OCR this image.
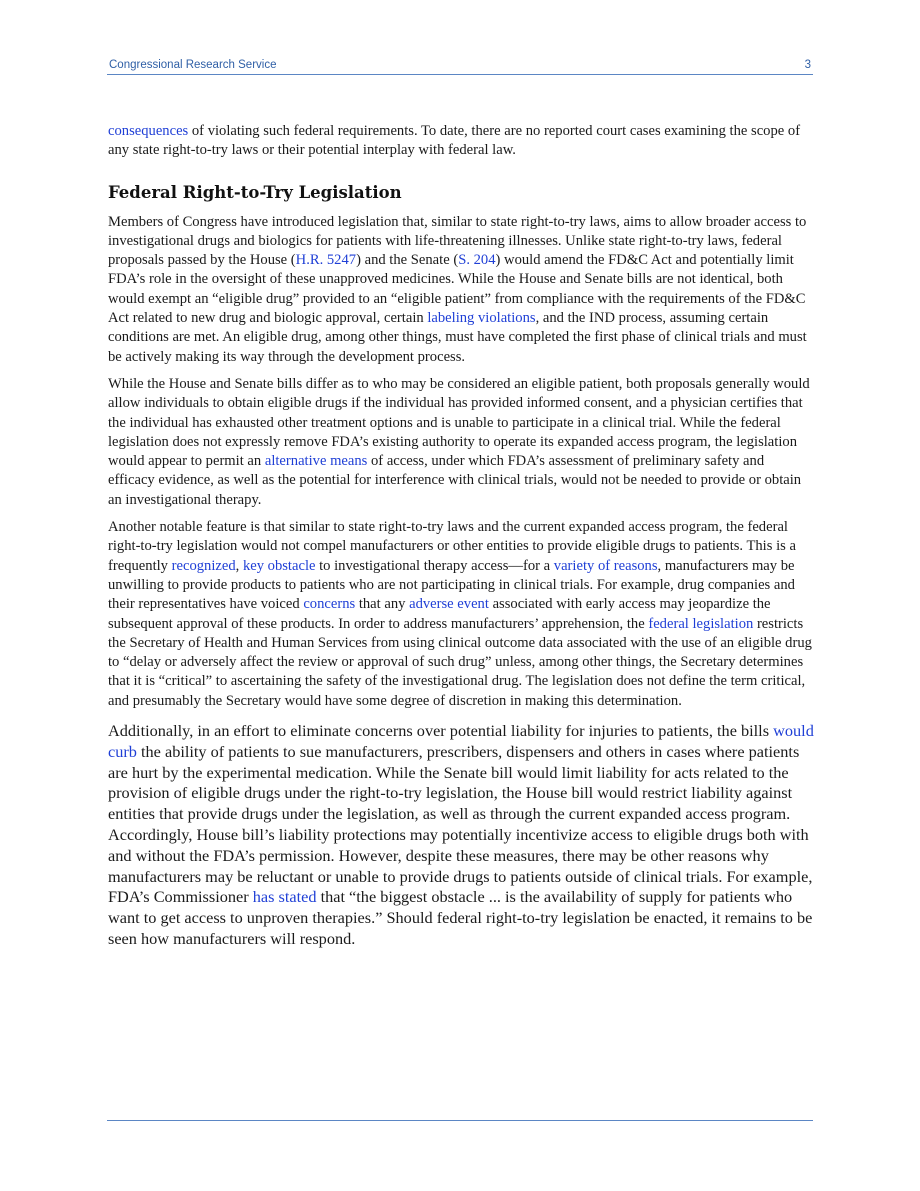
Congressional Research Service	3

consequences of violating such federal requirements. To date, there are no reported court cases examining the scope of any state right-to-try laws or their potential interplay with federal law.

Federal Right-to-Try Legislation

Members of Congress have introduced legislation that, similar to state right-to-try laws, aims to allow broader access to investigational drugs and biologics for patients with life-threatening illnesses. Unlike state right-to-try laws, federal proposals passed by the House (H.R. 5247) and the Senate (S. 204) would amend the FD&C Act and potentially limit FDA’s role in the oversight of these unapproved medicines. While the House and Senate bills are not identical, both would exempt an “eligible drug” provided to an “eligible patient” from compliance with the requirements of the FD&C Act related to new drug and biologic approval, certain labeling violations, and the IND process, assuming certain conditions are met. An eligible drug, among other things, must have completed the first phase of clinical trials and must be actively making its way through the development process.

While the House and Senate bills differ as to who may be considered an eligible patient, both proposals generally would allow individuals to obtain eligible drugs if the individual has provided informed consent, and a physician certifies that the individual has exhausted other treatment options and is unable to participate in a clinical trial. While the federal legislation does not expressly remove FDA’s existing authority to operate its expanded access program, the legislation would appear to permit an alternative means of access, under which FDA’s assessment of preliminary safety and efficacy evidence, as well as the potential for interference with clinical trials, would not be needed to provide or obtain an investigational therapy.

Another notable feature is that similar to state right-to-try laws and the current expanded access program, the federal right-to-try legislation would not compel manufacturers or other entities to provide eligible drugs to patients. This is a frequently recognized, key obstacle to investigational therapy access—for a variety of reasons, manufacturers may be unwilling to provide products to patients who are not participating in clinical trials. For example, drug companies and their representatives have voiced concerns that any adverse event associated with early access may jeopardize the subsequent approval of these products. In order to address manufacturers’ apprehension, the federal legislation restricts the Secretary of Health and Human Services from using clinical outcome data associated with the use of an eligible drug to “delay or adversely affect the review or approval of such drug” unless, among other things, the Secretary determines that it is “critical” to ascertaining the safety of the investigational drug. The legislation does not define the term critical, and presumably the Secretary would have some degree of discretion in making this determination.

Additionally, in an effort to eliminate concerns over potential liability for injuries to patients, the bills would curb the ability of patients to sue manufacturers, prescribers, dispensers and others in cases where patients are hurt by the experimental medication. While the Senate bill would limit liability for acts related to the provision of eligible drugs under the right-to-try legislation, the House bill would restrict liability against entities that provide drugs under the legislation, as well as through the current expanded access program. Accordingly, House bill’s liability protections may potentially incentivize access to eligible drugs both with and without the FDA’s permission. However, despite these measures, there may be other reasons why manufacturers may be reluctant or unable to provide drugs to patients outside of clinical trials. For example, FDA’s Commissioner has stated that “the biggest obstacle ... is the availability of supply for patients who want to get access to unproven therapies.” Should federal right-to-try legislation be enacted, it remains to be seen how manufacturers will respond.
